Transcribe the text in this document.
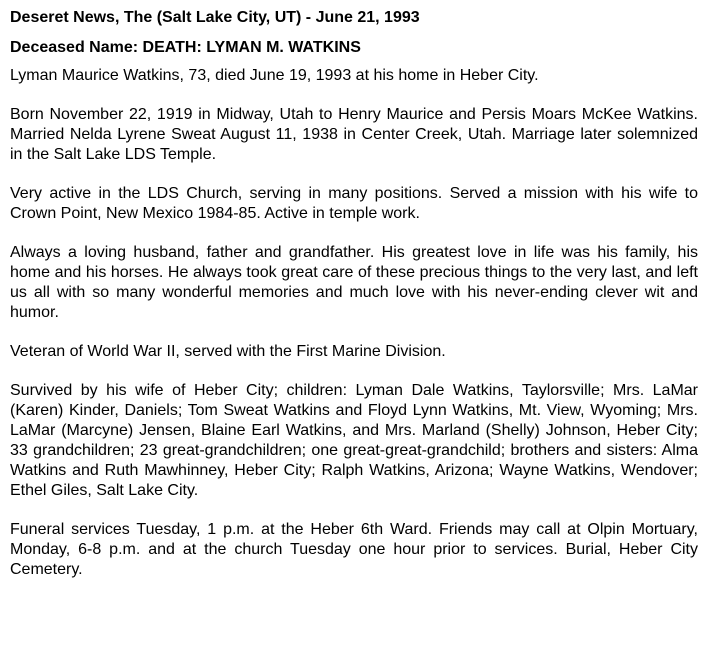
Deseret News, The (Salt Lake City, UT) - June 21, 1993
Deceased Name: DEATH: LYMAN M. WATKINS

Lyman Maurice Watkins, 73, died June 19, 1993 at his home in Heber City.

Born November 22, 1919 in Midway, Utah to Henry Maurice and Persis Moars McKee Watkins. Married Nelda Lyrene Sweat August 11, 1938 in Center Creek, Utah. Marriage later solemnized in the Salt Lake LDS Temple.

Very active in the LDS Church, serving in many positions. Served a mission with his wife to Crown Point, New Mexico 1984-85. Active in temple work.

Always a loving husband, father and grandfather. His greatest love in life was his family, his home and his horses. He always took great care of these precious things to the very last, and left us all with so many wonderful memories and much love with his never-ending clever wit and humor.

Veteran of World War II, served with the First Marine Division.

Survived by his wife of Heber City; children: Lyman Dale Watkins, Taylorsville; Mrs. LaMar (Karen) Kinder, Daniels; Tom Sweat Watkins and Floyd Lynn Watkins, Mt. View, Wyoming; Mrs. LaMar (Marcyne) Jensen, Blaine Earl Watkins, and Mrs. Marland (Shelly) Johnson, Heber City; 33 grandchildren; 23 great-grandchildren; one great-great-grandchild; brothers and sisters: Alma Watkins and Ruth Mawhinney, Heber City; Ralph Watkins, Arizona; Wayne Watkins, Wendover; Ethel Giles, Salt Lake City.

Funeral services Tuesday, 1 p.m. at the Heber 6th Ward. Friends may call at Olpin Mortuary, Monday, 6-8 p.m. and at the church Tuesday one hour prior to services. Burial, Heber City Cemetery.
